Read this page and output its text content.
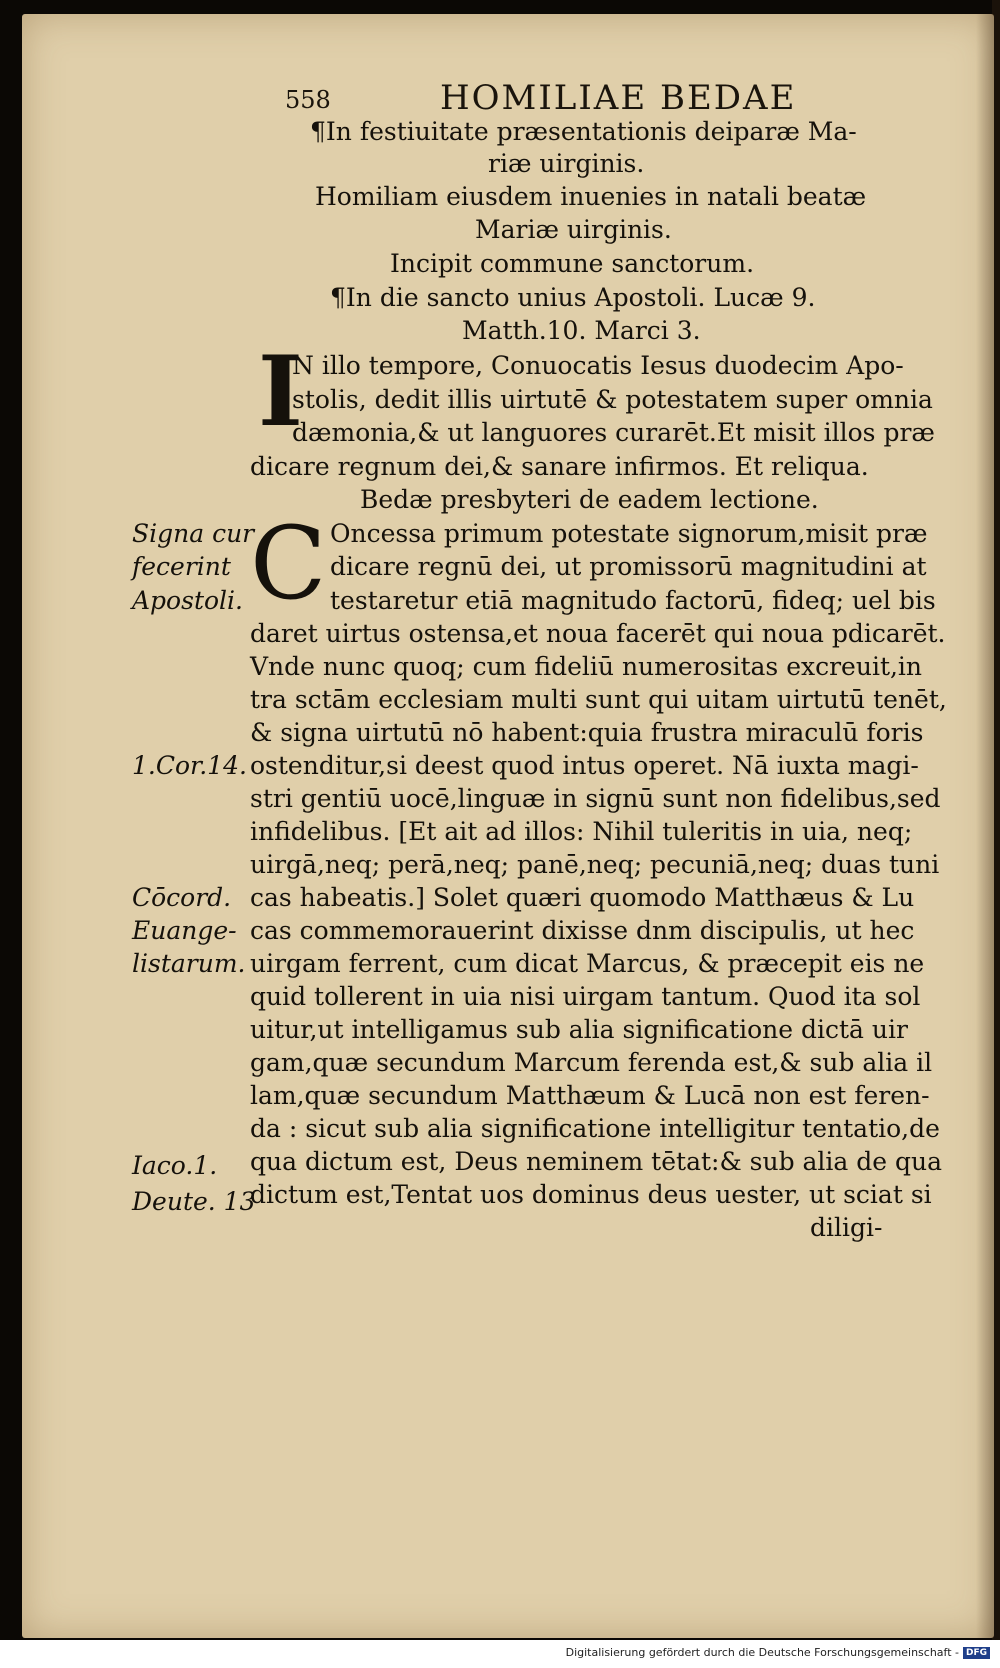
558	HOMILIAE BEDAE
¶In festiuitate præsentationis deiparæ Ma-
riæ uirginis.
Homiliam eiusdem inuenies in natali beatæ
Mariæ uirginis.
Incipit commune sanctorum.
¶In die sancto unius Apostoli. Lucæ 9.
Matth.10. Marci 3.
I
N illo tempore, Conuocatis Iesus duodecim Apo-
stolis, dedit illis uirtutē & potestatem super omnia
dæmonia,& ut languores curarēt.Et misit illos præ
dicare regnum dei,& sanare infirmos. Et reliqua.
Bedæ presbyteri de eadem lectione.
C Oncessa primum potestate signorum,misit præ
dicare regnū dei, ut promissorū magnitudini at
testaretur etiā magnitudo factorū, fideq; uel bis
daret uirtus ostensa,et noua facerēt qui noua pdicarēt.
Vnde nunc quoq; cum fideliū numerositas excreuit,in
tra sctām ecclesiam multi sunt qui uitam uirtutū tenēt,
& signa uirtutū nō habent:quia frustra miraculū foris
ostenditur,si deest quod intus operet. Nā iuxta magi-
stri gentiū uocē,linguæ in signū sunt non fidelibus,sed
infidelibus. [Et ait ad illos: Nihil tuleritis in uia, neq;
uirgā,neq; perā,neq; panē,neq; pecuniā,neq; duas tuni
cas habeatis.] Solet quæri quomodo Matthæus & Lu
cas commemorauerint dixisse dnm discipulis, ut hec
uirgam ferrent, cum dicat Marcus, & præcepit eis ne
quid tollerent in uia nisi uirgam tantum. Quod ita sol
uitur,ut intelligamus sub alia significatione dictā uir
gam,quæ secundum Marcum ferenda est,& sub alia il
lam,quæ secundum Matthæum & Lucā non est feren-
da : sicut sub alia significatione intelligitur tentatio,de
qua dictum est, Deus neminem tētat:& sub alia de qua
dictum est,Tentat uos dominus deus uester, ut sciat si
diligi-
Signa cur
fecerint
Apostoli.
1.Cor.14.
Cōcord.
Euange-
listarum.
Iaco.1.
Deute. 13
Digitalisierung gefördert durch die Deutsche Forschungsgemeinschaft - DFG
